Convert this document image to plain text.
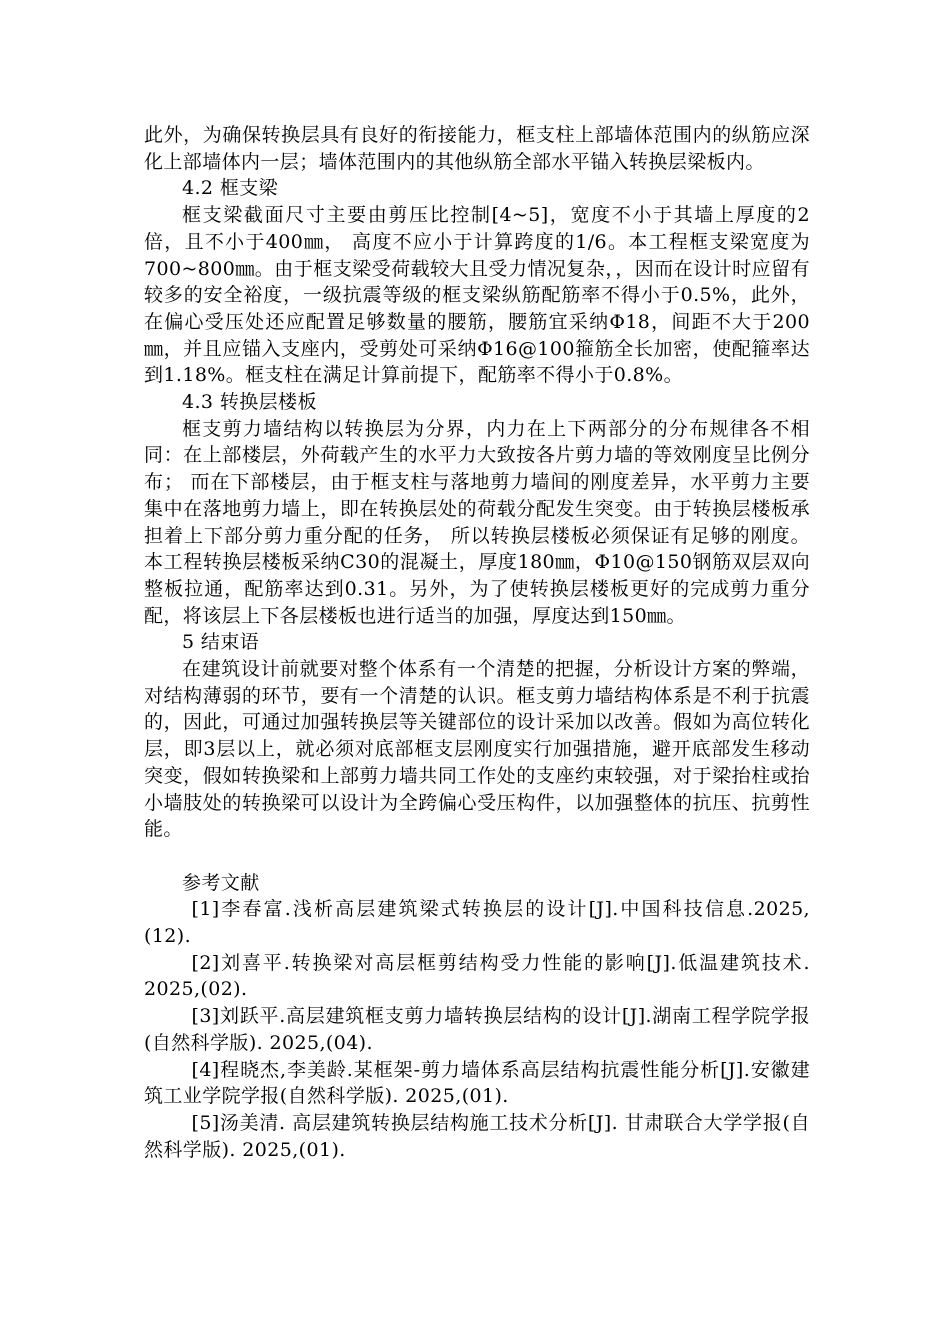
此外，为确保转换层具有良好的衔接能力，框支柱上部墙体范围内的纵筋应深化上部墙体内一层；墙体范围内的其他纵筋全部水平锚入转换层梁板内。

4.2 框支梁

框支梁截面尺寸主要由剪压比控制[4~5]，宽度不小于其墙上厚度的2倍，且不小于400㎜， 高度不应小于计算跨度的1/6。本工程框支梁宽度为700~800㎜。由于框支梁受荷载较大且受力情况复杂，，因而在设计时应留有较多的安全裕度，一级抗震等级的框支梁纵筋配筋率不得小于0.5%，此外，在偏心受压处还应配置足够数量的腰筋，腰筋宜采纳Φ18，间距不大于200㎜，并且应锚入支座内，受剪处可采纳Φ16@100箍筋全长加密，使配箍率达到1.18%。框支柱在满足计算前提下，配筋率不得小于0.8%。

4.3 转换层楼板

框支剪力墙结构以转换层为分界，内力在上下两部分的分布规律各不相同：在上部楼层，外荷载产生的水平力大致按各片剪力墙的等效刚度呈比例分布； 而在下部楼层，由于框支柱与落地剪力墙间的刚度差异，水平剪力主要集中在落地剪力墙上，即在转换层处的荷载分配发生突变。由于转换层楼板承担着上下部分剪力重分配的任务， 所以转换层楼板必须保证有足够的刚度。本工程转换层楼板采纳C30的混凝土，厚度180㎜，Φ10@150钢筋双层双向整板拉通，配筋率达到0.31。另外，为了使转换层楼板更好的完成剪力重分配，将该层上下各层楼板也进行适当的加强，厚度达到150㎜。

5 结束语

在建筑设计前就要对整个体系有一个清楚的把握，分析设计方案的弊端，对结构薄弱的环节，要有一个清楚的认识。框支剪力墙结构体系是不利于抗震的，因此，可通过加强转换层等关键部位的设计采加以改善。假如为高位转化层，即3层以上，就必须对底部框支层刚度实行加强措施，避开底部发生移动突变，假如转换梁和上部剪力墙共同工作处的支座约束较强，对于梁抬柱或抬小墙肢处的转换梁可以设计为全跨偏心受压构件，以加强整体的抗压、抗剪性能。

参考文献

[1]李春富.浅析高层建筑梁式转换层的设计[J].中国科技信息.2025,(12).

[2]刘喜平.转换梁对高层框剪结构受力性能的影响[J].低温建筑技术. 2025,(02).

[3]刘跃平.高层建筑框支剪力墙转换层结构的设计[J].湖南工程学院学报(自然科学版). 2025,(04).

[4]程晓杰,李美龄.某框架-剪力墙体系高层结构抗震性能分析[J].安徽建筑工业学院学报(自然科学版). 2025,(01).

[5]汤美清. 高层建筑转换层结构施工技术分析[J]. 甘肃联合大学学报(自然科学版). 2025,(01).
